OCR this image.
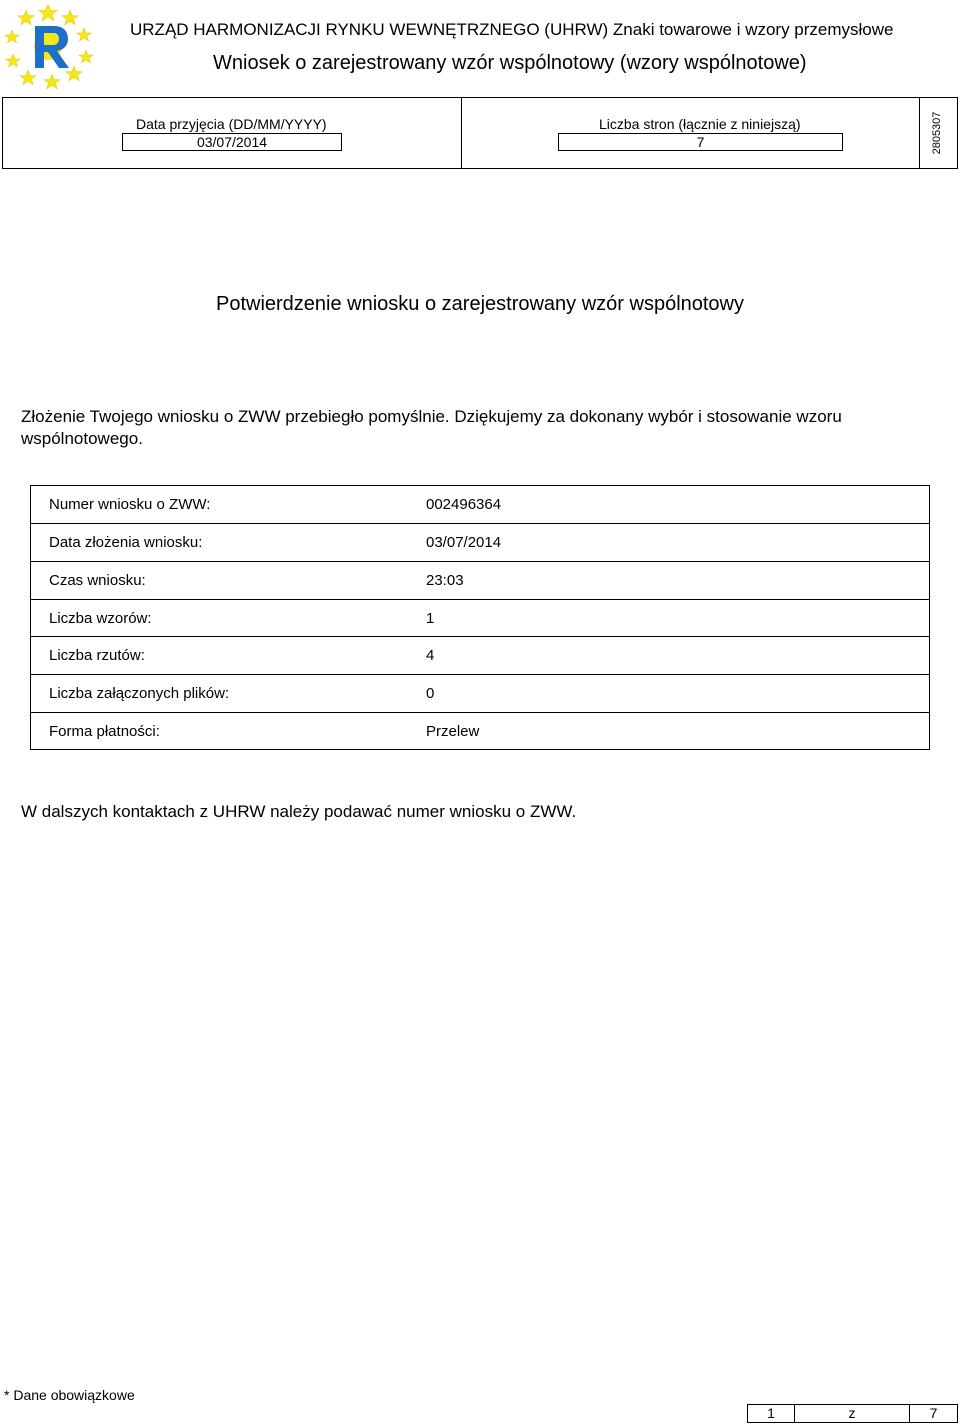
URZĄD HARMONIZACJI RYNKU WEWNĘTRZNEGO (UHRW) Znaki towarowe i wzory przemysłowe
Wniosek o zarejestrowany wzór wspólnotowy (wzory wspólnotowe)
Data przyjęcia (DD/MM/YYYY)
03/07/2014
Liczba stron (łącznie z niniejszą)
7	2805307
Potwierdzenie wniosku o zarejestrowany wzór wspólnotowy
Złożenie Twojego wniosku o ZWW przebiegło pomyślnie. Dziękujemy za dokonany wybór i stosowanie wzoru wspólnotowego.
Numer wniosku o ZWW:	002496364
Data złożenia wniosku:	03/07/2014
Czas wniosku:	23:03
Liczba wzorów:	1
Liczba rzutów:	4
Liczba załączonych plików:	0
Forma płatności:	Przelew
W dalszych kontaktach z UHRW należy podawać numer wniosku o ZWW.
* Dane obowiązkowe
1	z	7
